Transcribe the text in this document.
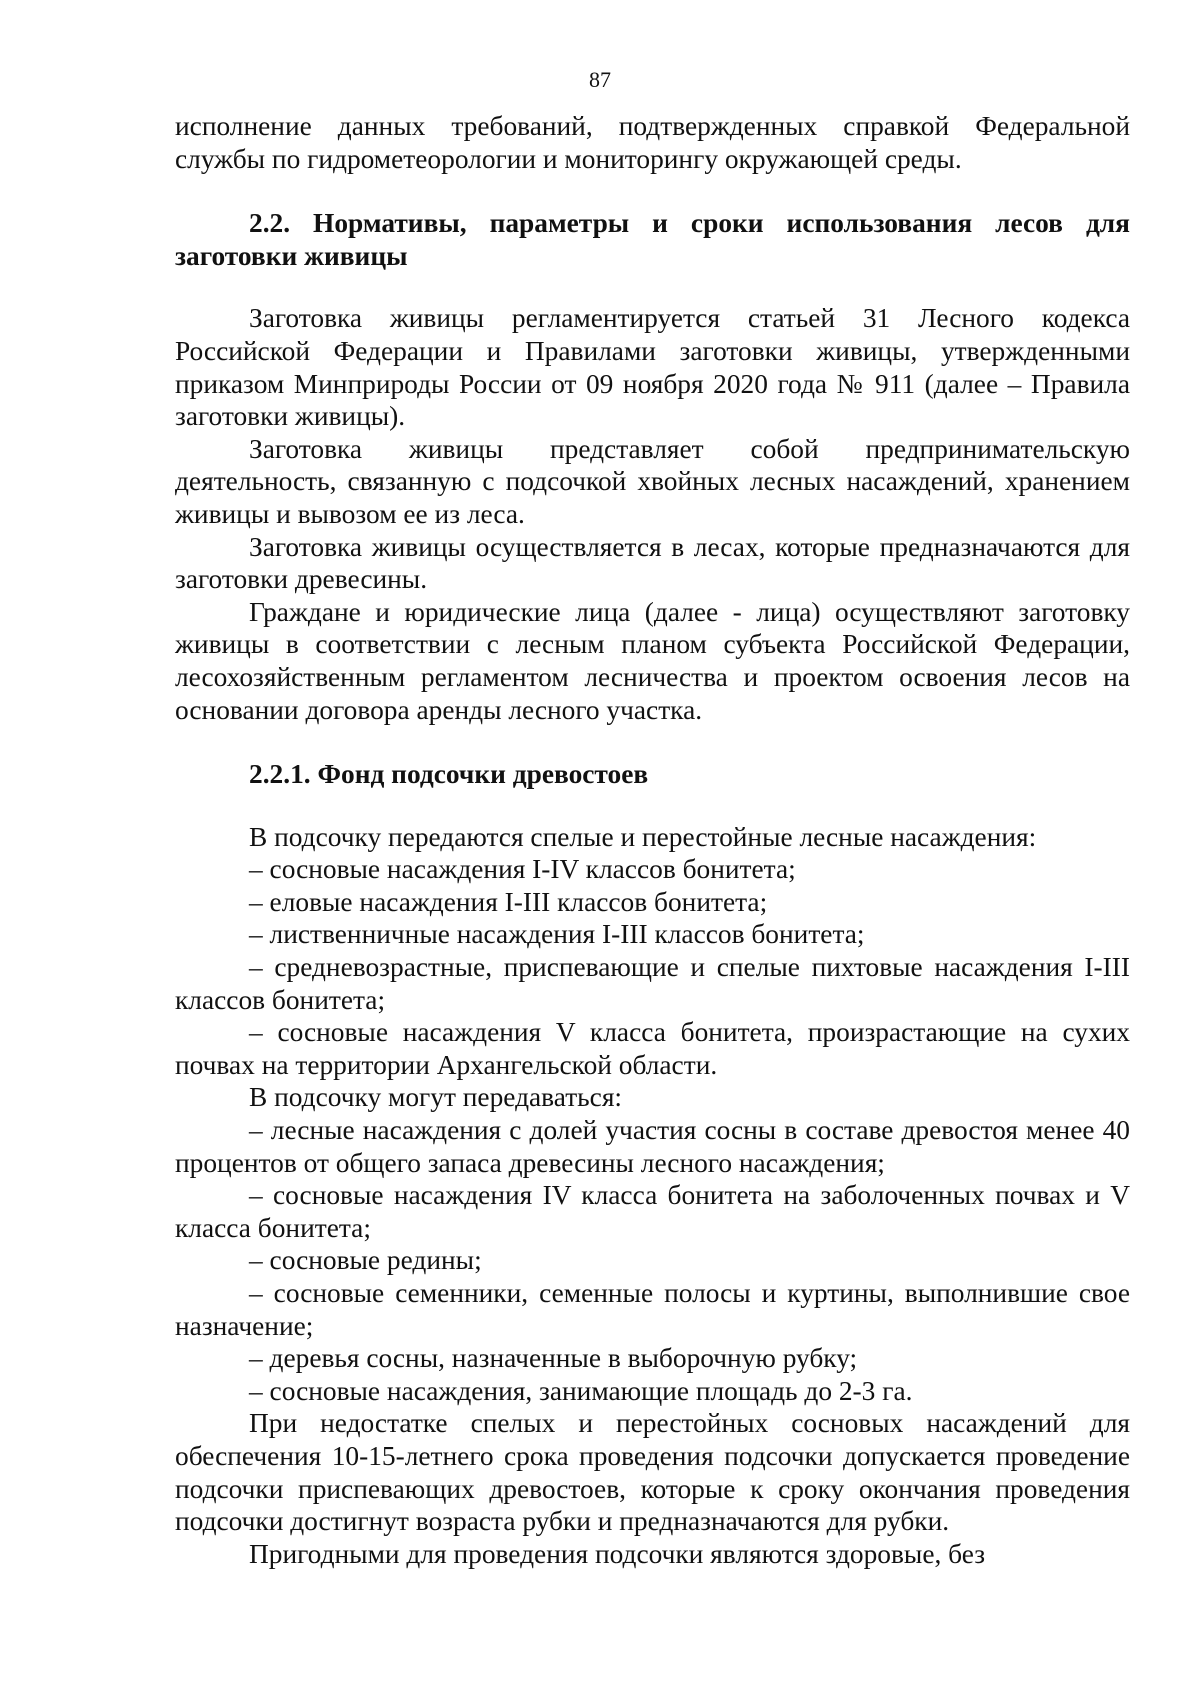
87

исполнение данных требований, подтвержденных справкой Федеральной службы по гидрометеорологии и мониторингу окружающей среды.

2.2. Нормативы, параметры и сроки использования лесов для заготовки живицы

Заготовка живицы регламентируется статьей 31 Лесного кодекса Российской Федерации и Правилами заготовки живицы, утвержденными приказом Минприроды России от 09 ноября 2020 года № 911 (далее – Правила заготовки живицы).

Заготовка живицы представляет собой предпринимательскую деятельность, связанную с подсочкой хвойных лесных насаждений, хранением живицы и вывозом ее из леса.

Заготовка живицы осуществляется в лесах, которые предназначаются для заготовки древесины.

Граждане и юридические лица (далее - лица) осуществляют заготовку живицы в соответствии с лесным планом субъекта Российской Федерации, лесохозяйственным регламентом лесничества и проектом освоения лесов на основании договора аренды лесного участка.

2.2.1. Фонд подсочки древостоев

В подсочку передаются спелые и перестойные лесные насаждения:

– сосновые насаждения I-IV классов бонитета;

– еловые насаждения I-III классов бонитета;

– лиственничные насаждения I-III классов бонитета;

– средневозрастные, приспевающие и спелые пихтовые насаждения I-III классов бонитета;

– сосновые насаждения V класса бонитета, произрастающие на сухих почвах на территории Архангельской области.

В подсочку могут передаваться:

– лесные насаждения с долей участия сосны в составе древостоя менее 40 процентов от общего запаса древесины лесного насаждения;

– сосновые насаждения IV класса бонитета на заболоченных почвах и V класса бонитета;

– сосновые редины;

– сосновые семенники, семенные полосы и куртины, выполнившие свое назначение;

– деревья сосны, назначенные в выборочную рубку;

– сосновые насаждения, занимающие площадь до 2-3 га.

При недостатке спелых и перестойных сосновых насаждений для обеспечения 10-15-летнего срока проведения подсочки допускается проведение подсочки приспевающих древостоев, которые к сроку окончания проведения подсочки достигнут возраста рубки и предназначаются для рубки.

Пригодными для проведения подсочки являются здоровые, без
